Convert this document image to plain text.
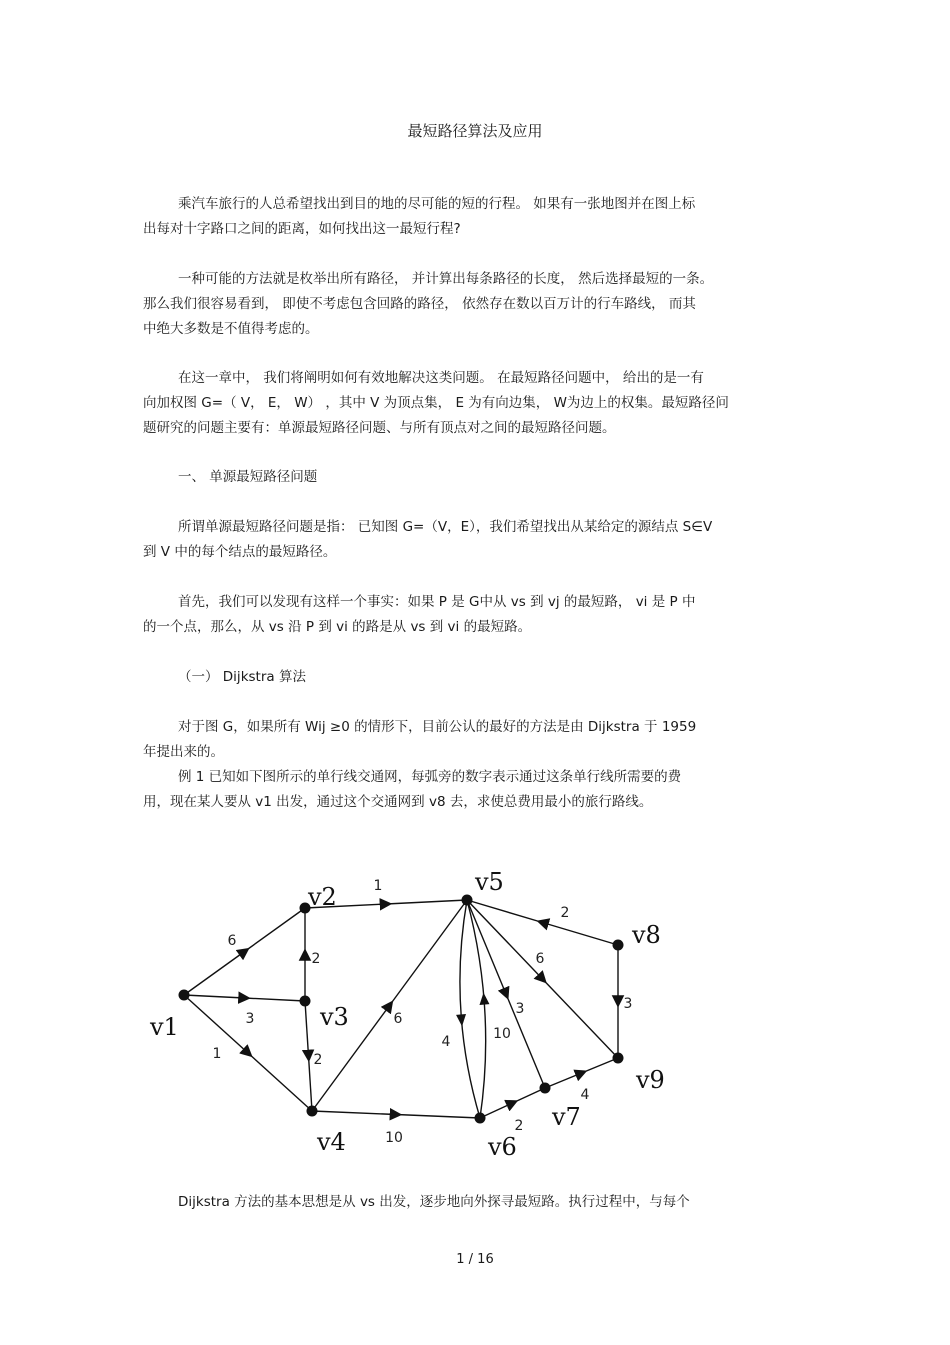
最短路径算法及应用
乘汽车旅行的人总希望找出到目的地的尽可能的短的行程。 如果有一张地图并在图上标
出每对十字路口之间的距离，如何找出这一最短行程?
一种可能的方法就是枚举出所有路径， 并计算出每条路径的长度， 然后选择最短的一条。
那么我们很容易看到， 即使不考虑包含回路的路径， 依然存在数以百万计的行车路线， 而其
中绝大多数是不值得考虑的。
在这一章中， 我们将阐明如何有效地解决这类问题。 在最短路径问题中， 给出的是一有
向加权图 G=（ V， E， W） ，其中 V 为顶点集， E 为有向边集， W为边上的权集。最短路径问
题研究的问题主要有：单源最短路径问题、与所有顶点对之间的最短路径问题。
一、 单源最短路径问题
所谓单源最短路径问题是指： 已知图 G=（V，E），我们希望找出从某给定的源结点 S∈V
到 V 中的每个结点的最短路径。
首先，我们可以发现有这样一个事实：如果 P 是 G中从 vs 到 vj 的最短路， vi 是 P 中
的一个点，那么，从 vs 沿 P 到 vi 的路是从 vs 到 vi 的最短路。
（一） Dijkstra 算法
对于图 G，如果所有 Wij ≥0 的情形下，目前公认的最好的方法是由 Dijkstra 于 1959
年提出来的。
例 1 已知如下图所示的单行线交通网，每弧旁的数字表示通过这条单行线所需要的费
用，现在某人要从 v1 出发，通过这个交通网到 v8 去，求使总费用最小的旅行路线。
6
3
1
1
2
2
10
6
4	10
3
6
2
3
2
4
v1
v2
v3
v4
v5
v6
v7
v8
v9
Dijkstra 方法的基本思想是从 vs 出发，逐步地向外探寻最短路。执行过程中，与每个
1 / 16
